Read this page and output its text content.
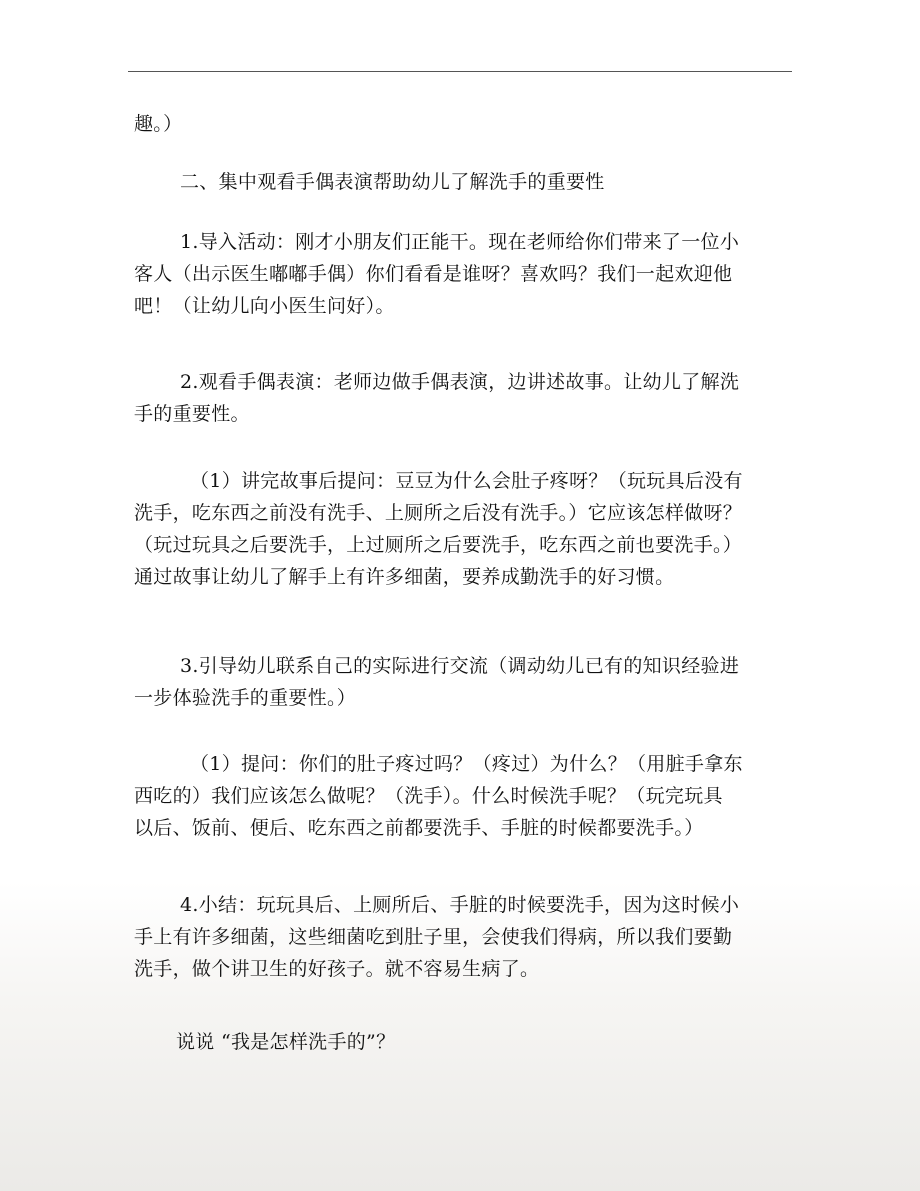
趣。）

二、集中观看手偶表演帮助幼儿了解洗手的重要性

1.导入活动：刚才小朋友们正能干。现在老师给你们带来了一位小
客人（出示医生嘟嘟手偶）你们看看是谁呀？喜欢吗？我们一起欢迎他
吧！（让幼儿向小医生问好）。

2.观看手偶表演：老师边做手偶表演，边讲述故事。让幼儿了解洗
手的重要性。

（1）讲完故事后提问：豆豆为什么会肚子疼呀？（玩玩具后没有
洗手，吃东西之前没有洗手、上厕所之后没有洗手。）它应该怎样做呀？
（玩过玩具之后要洗手，上过厕所之后要洗手，吃东西之前也要洗手。）
通过故事让幼儿了解手上有许多细菌，要养成勤洗手的好习惯。

3.引导幼儿联系自己的实际进行交流（调动幼儿已有的知识经验进
一步体验洗手的重要性。）

（1）提问：你们的肚子疼过吗？（疼过）为什么？（用脏手拿东
西吃的）我们应该怎么做呢？（洗手）。什么时候洗手呢？（玩完玩具
以后、饭前、便后、吃东西之前都要洗手、手脏的时候都要洗手。）

4.小结：玩玩具后、上厕所后、手脏的时候要洗手，因为这时候小
手上有许多细菌，这些细菌吃到肚子里，会使我们得病，所以我们要勤
洗手，做个讲卫生的好孩子。就不容易生病了。

说说 “我是怎样洗手的”？
